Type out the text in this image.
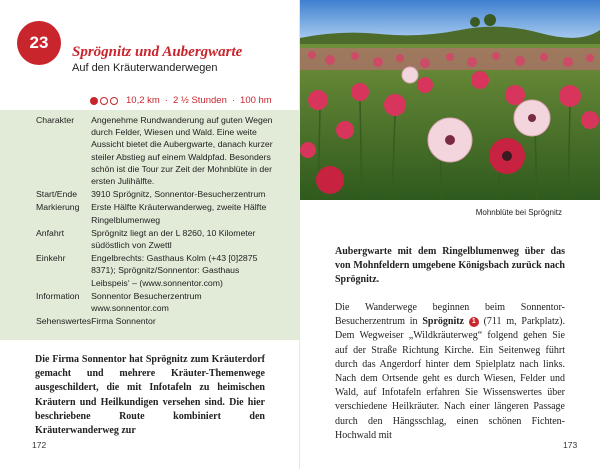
23	Sprögnitz und Aubergwarte
Auf den Kräuterwanderwegen
10,2 km · 2 ½ Stunden · 100 hm
Charakter	Angenehme Rundwanderung auf guten Wegen durch Felder, Wiesen und Wald. Eine weite Aussicht bietet die Aubergwarte, danach kurzer steiler Abstieg auf einem Waldpfad. Besonders schön ist die Tour zur Zeit der Mohnblüte in der ersten Julihälfte.
Start/Ende	3910 Sprögnitz, Sonnentor-Besucherzentrum
Markierung	Erste Hälfte Kräuterwanderweg, zweite Hälfte Ringelblumenweg
Anfahrt	Sprögnitz liegt an der L 8260, 10 Kilometer südöstlich von Zwettl
Einkehr	Engelbrechts: Gasthaus Kolm (+43 [0]2875 8371); Sprögnitz/Sonnentor: Gasthaus Leibspeis‘ – (www.sonnentor.com)
Information	Sonnentor Besucherzentrum www.sonnentor.com
Sehenswertes	Firma Sonnentor
Die Firma Sonnentor hat Sprögnitz zum Kräuterdorf gemacht und mehrere Kräuter-Themenwege ausgeschildert, die mit Infotafeln zu heimischen Kräutern und Heilkundigen versehen sind. Die hier beschriebene Route kombiniert den Kräuterwanderweg zur
172
Mohnblüte bei Sprögnitz
Aubergwarte mit dem Ringelblumenweg über das von Mohnfeldern umgebene Königsbach zurück nach Sprögnitz.
Die Wanderwege beginnen beim Sonnentor-Besucherzentrum in Sprögnitz 1 (711 m, Parkplatz). Dem Wegweiser „Wildkräuterweg“ folgend gehen Sie auf der Straße Richtung Kirche. Ein Seitenweg führt durch das Angerdorf hinter dem Spielplatz nach links. Nach dem Ortsende geht es durch Wiesen, Felder und Wald, auf Infotafeln erfahren Sie Wissenswertes über verschiedene Heilkräuter. Nach einer längeren Passage durch den Hängsschlag, einen schönen Fichten-Hochwald mit
173
